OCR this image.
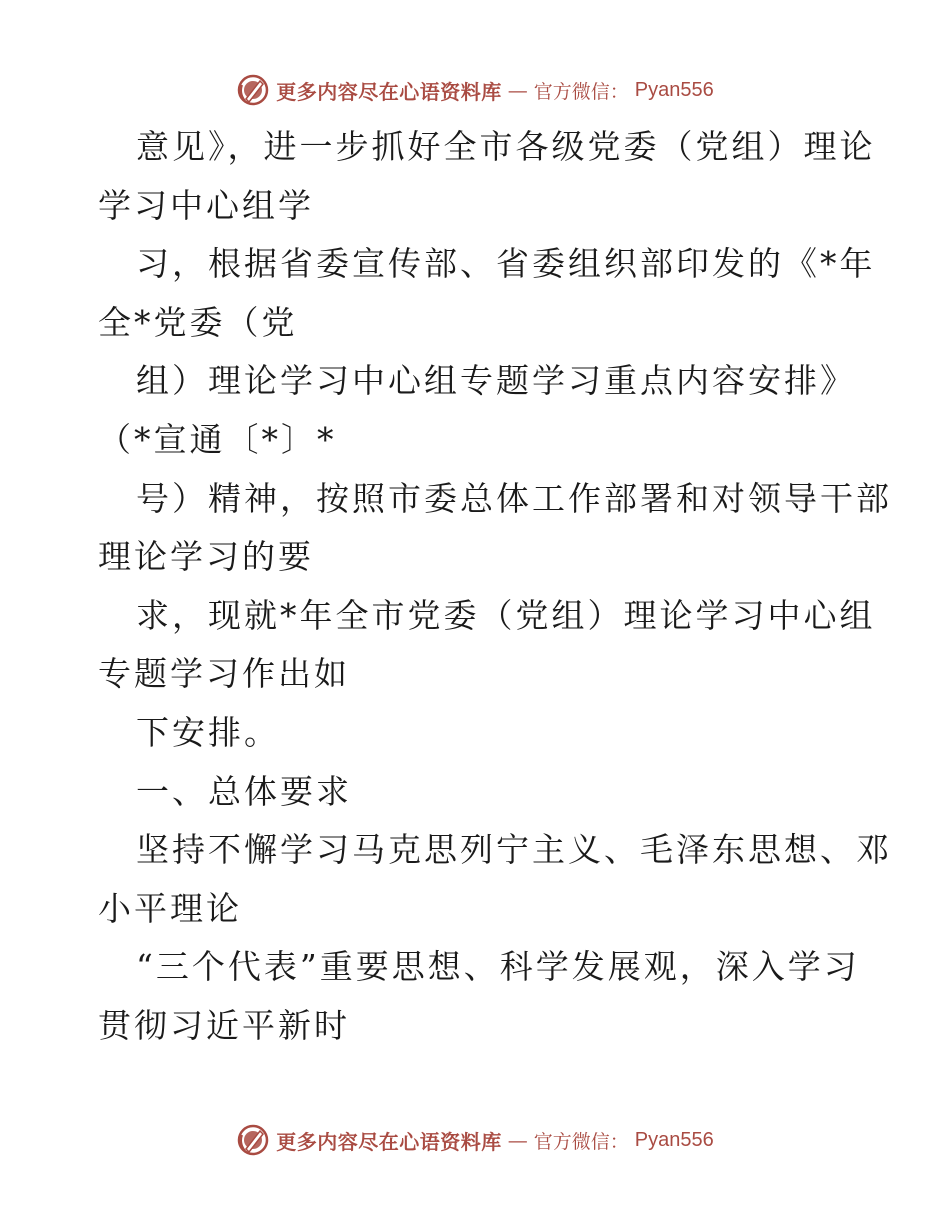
更多内容尽在心语资料库 — 官方微信： Pyan556
意见》，进一步抓好全市各级党委（党组）理论
学习中心组学
习，根据省委宣传部、省委组织部印发的《*年
全*党委（党
组）理论学习中心组专题学习重点内容安排》
（*宣通〔*〕*
号）精神，按照市委总体工作部署和对领导干部
理论学习的要
求，现就*年全市党委（党组）理论学习中心组
专题学习作出如
下安排。
一、总体要求
坚持不懈学习马克思列宁主义、毛泽东思想、邓
小平理论
“三个代表”重要思想、科学发展观，深入学习
贯彻习近平新时
更多内容尽在心语资料库 — 官方微信： Pyan556
